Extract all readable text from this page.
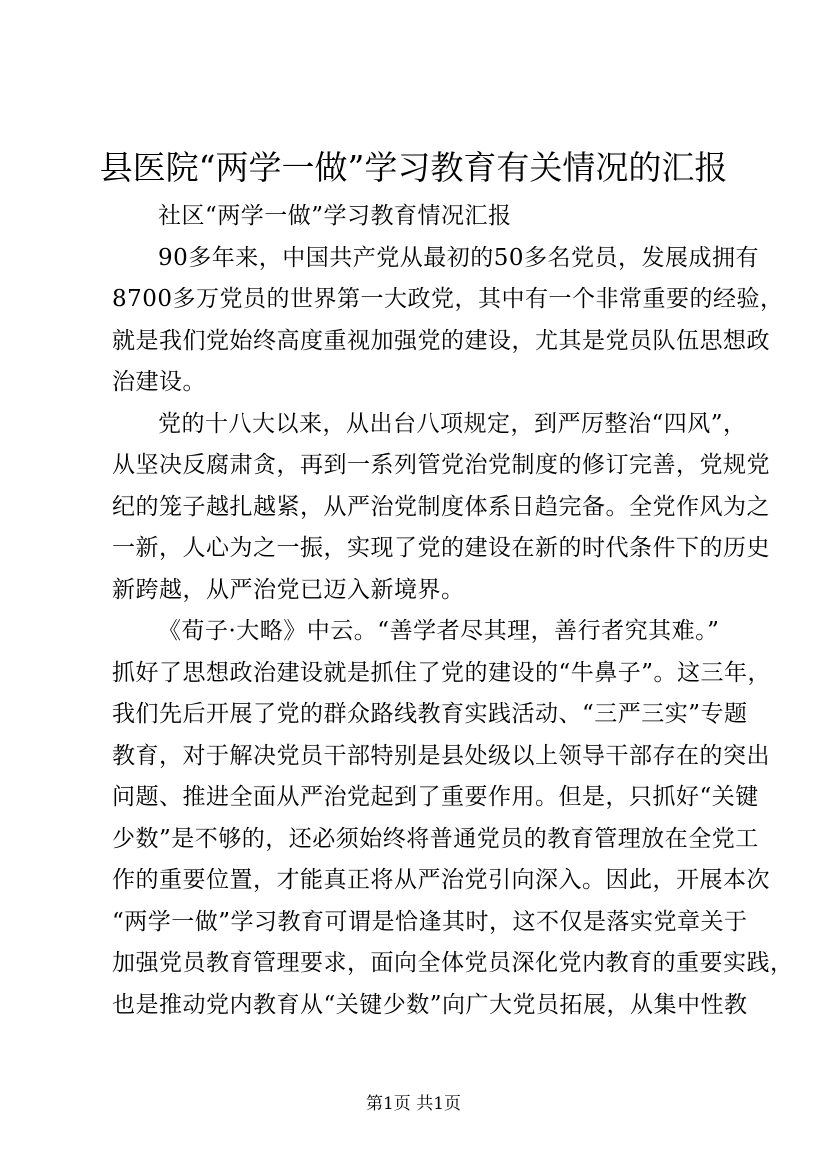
县医院“两学一做”学习教育有关情况的汇报
社区“两学一做”学习教育情况汇报
90多年来，中国共产党从最初的50多名党员，发展成拥有
8700多万党员的世界第一大政党，其中有一个非常重要的经验，
就是我们党始终高度重视加强党的建设，尤其是党员队伍思想政
治建设。
党的十八大以来，从出台八项规定，到严厉整治“四风”，
从坚决反腐肃贪，再到一系列管党治党制度的修订完善，党规党
纪的笼子越扎越紧，从严治党制度体系日趋完备。全党作风为之
一新，人心为之一振，实现了党的建设在新的时代条件下的历史
新跨越，从严治党已迈入新境界。
《荀子·大略》中云。“善学者尽其理，善行者究其难。”
抓好了思想政治建设就是抓住了党的建设的“牛鼻子”。这三年，
我们先后开展了党的群众路线教育实践活动、“三严三实”专题
教育，对于解决党员干部特别是县处级以上领导干部存在的突出
问题、推进全面从严治党起到了重要作用。但是，只抓好“关键
少数”是不够的，还必须始终将普通党员的教育管理放在全党工
作的重要位置，才能真正将从严治党引向深入。因此，开展本次
“两学一做”学习教育可谓是恰逢其时，这不仅是落实党章关于
加强党员教育管理要求，面向全体党员深化党内教育的重要实践，
也是推动党内教育从“关键少数”向广大党员拓展，从集中性教
第1页 共1页
